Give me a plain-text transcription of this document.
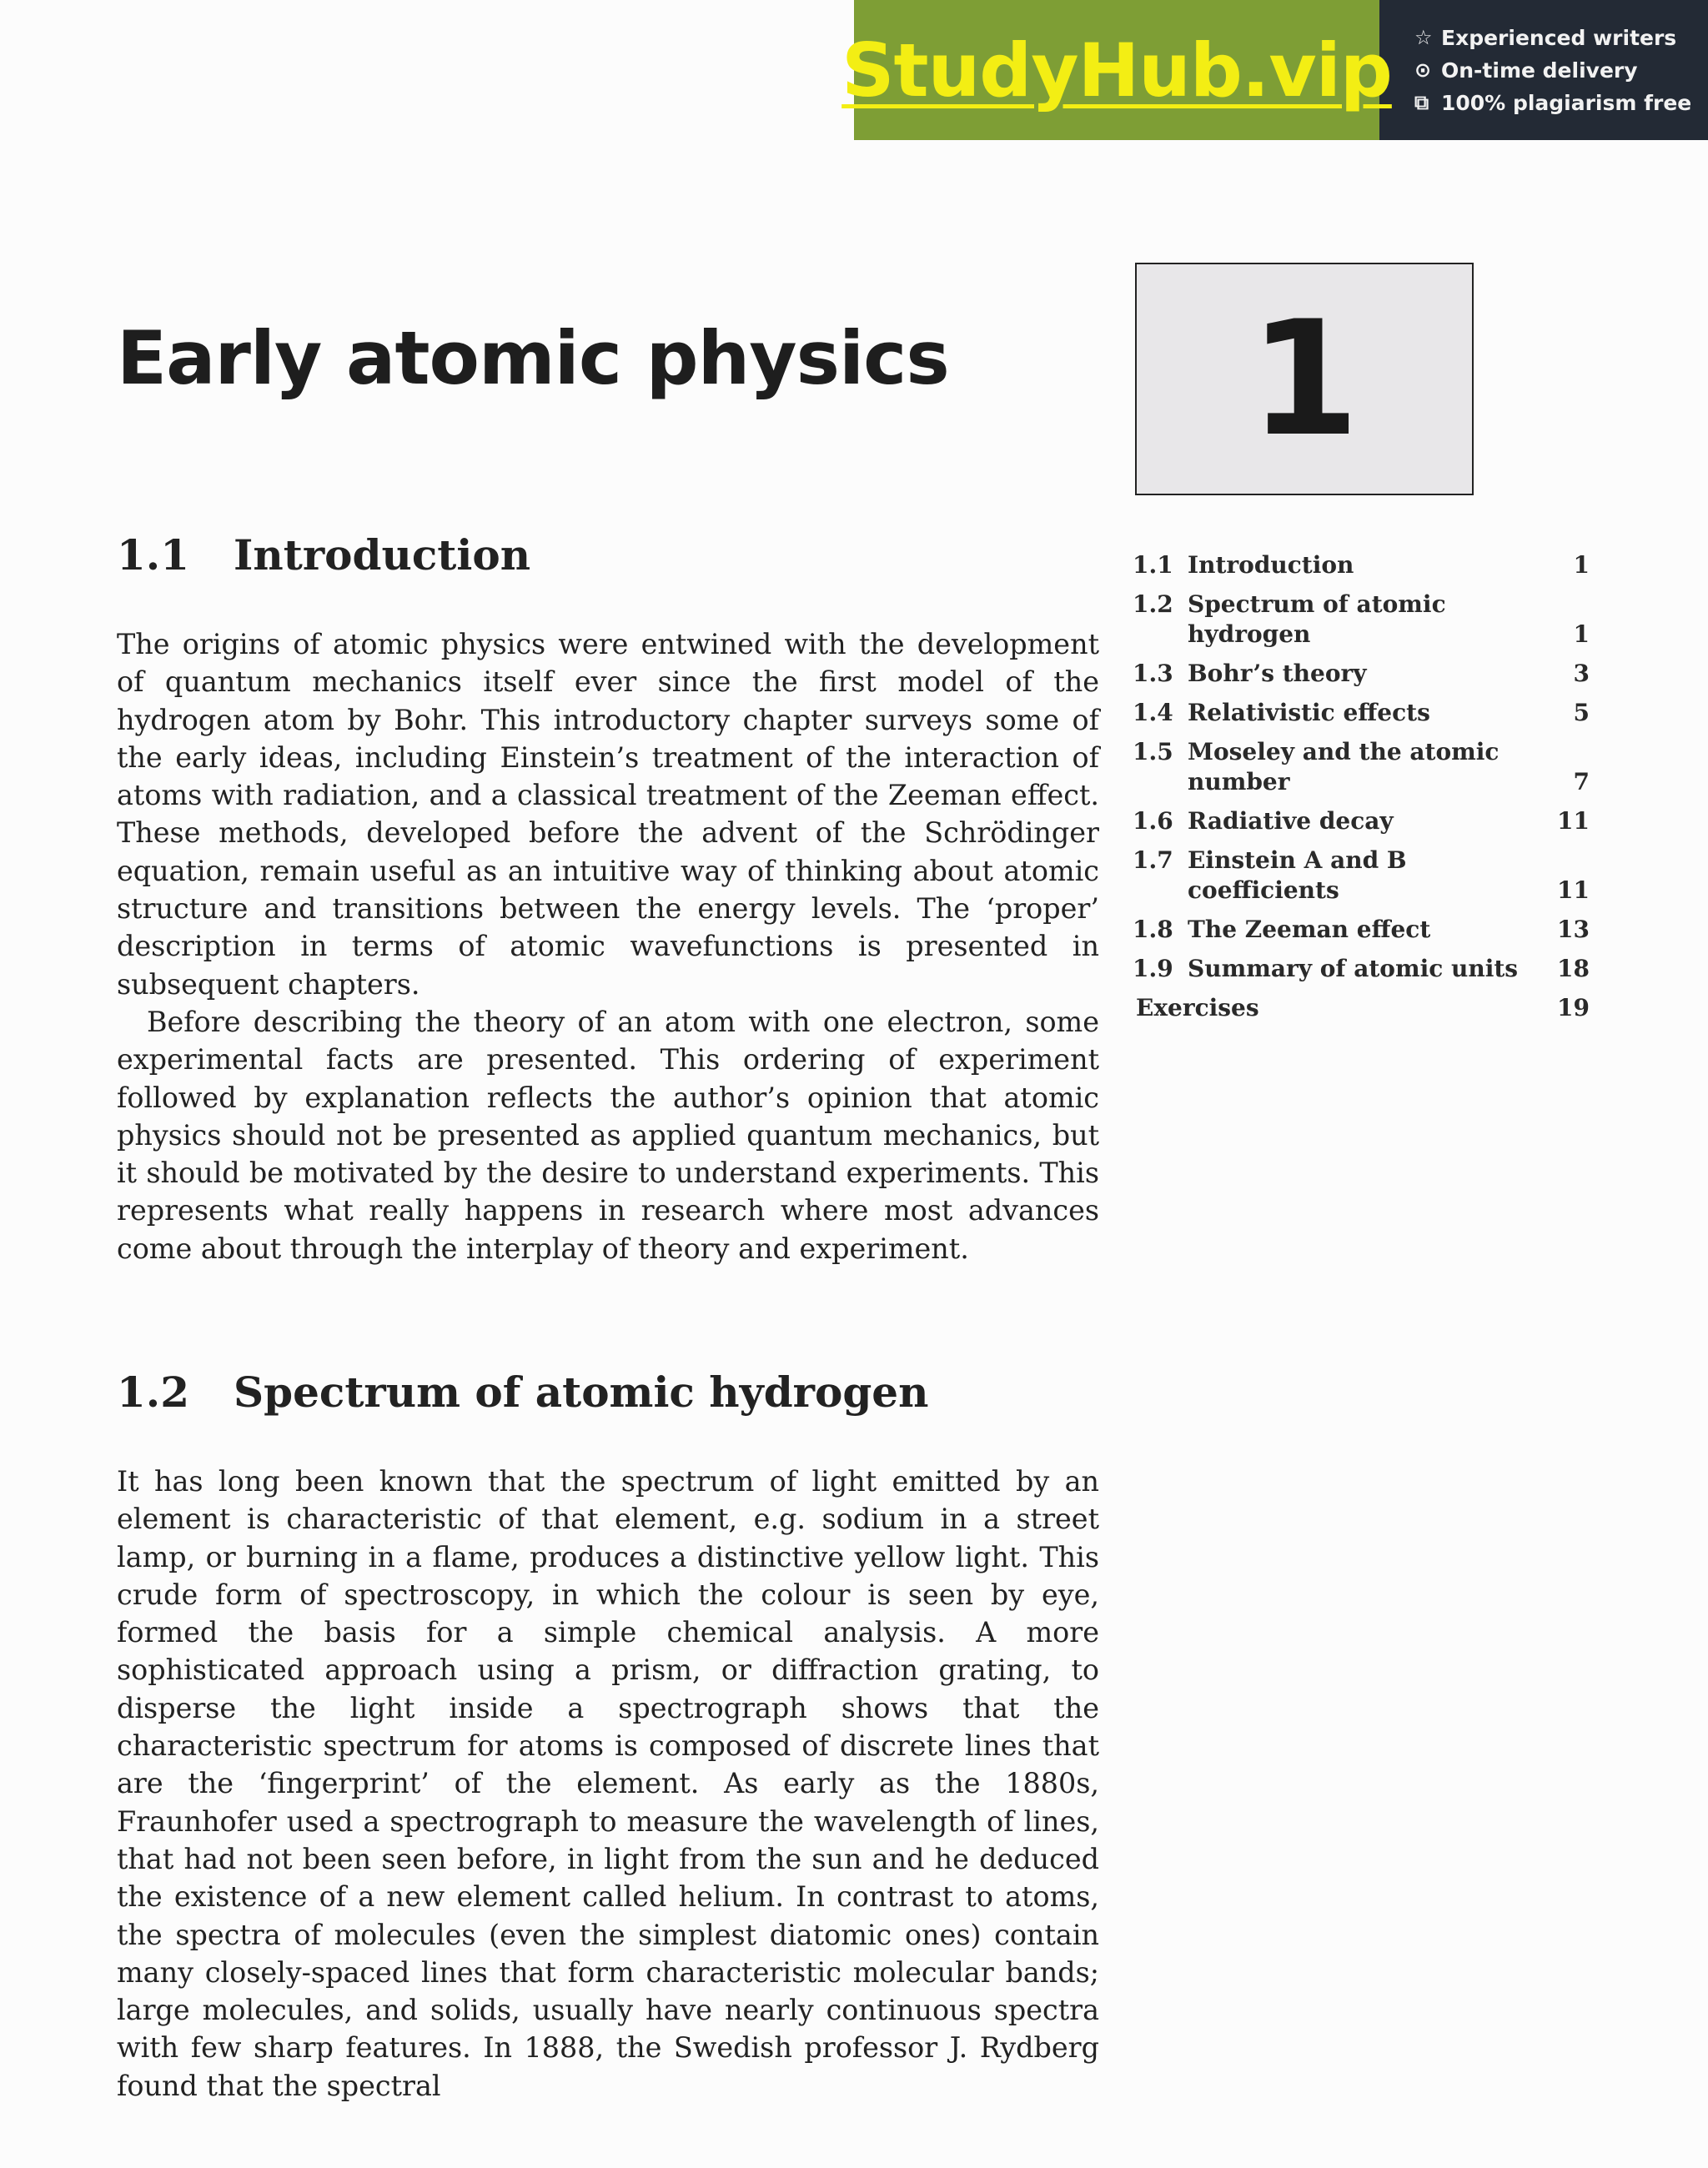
StudyHub.vip ☆ Experienced writers
⊙ On-time delivery
⧉ 100% plagiarism free
Early atomic physics 1
1.1 Introduction	1
1.2 Spectrum of atomic hydrogen	1
1.3 Bohr’s theory	3
1.4 Relativistic effects	5
1.5 Moseley and the atomic number	7
1.6 Radiative decay	11
1.7 Einstein A and B coefficients	11
1.8 The Zeeman effect	13
1.9 Summary of atomic units	18
Exercises	19
1.1 Introduction

The origins of atomic physics were entwined with the development of quantum mechanics itself ever since the first model of the hydrogen atom by Bohr. This introductory chapter surveys some of the early ideas, including Einstein’s treatment of the interaction of atoms with radiation, and a classical treatment of the Zeeman effect. These methods, developed before the advent of the Schrödinger equation, remain useful as an intuitive way of thinking about atomic structure and transitions between the energy levels. The ‘proper’ description in terms of atomic wavefunctions is presented in subsequent chapters.

Before describing the theory of an atom with one electron, some experimental facts are presented. This ordering of experiment followed by explanation reflects the author’s opinion that atomic physics should not be presented as applied quantum mechanics, but it should be motivated by the desire to understand experiments. This represents what really happens in research where most advances come about through the interplay of theory and experiment.

1.2 Spectrum of atomic hydrogen

It has long been known that the spectrum of light emitted by an element is characteristic of that element, e.g. sodium in a street lamp, or burning in a flame, produces a distinctive yellow light. This crude form of spectroscopy, in which the colour is seen by eye, formed the basis for a simple chemical analysis. A more sophisticated approach using a prism, or diffraction grating, to disperse the light inside a spectrograph shows that the characteristic spectrum for atoms is composed of discrete lines that are the ‘fingerprint’ of the element. As early as the 1880s, Fraunhofer used a spectrograph to measure the wavelength of lines, that had not been seen before, in light from the sun and he deduced the existence of a new element called helium. In contrast to atoms, the spectra of molecules (even the simplest diatomic ones) contain many closely-spaced lines that form characteristic molecular bands; large molecules, and solids, usually have nearly continuous spectra with few sharp features. In 1888, the Swedish professor J. Rydberg found that the spectral
